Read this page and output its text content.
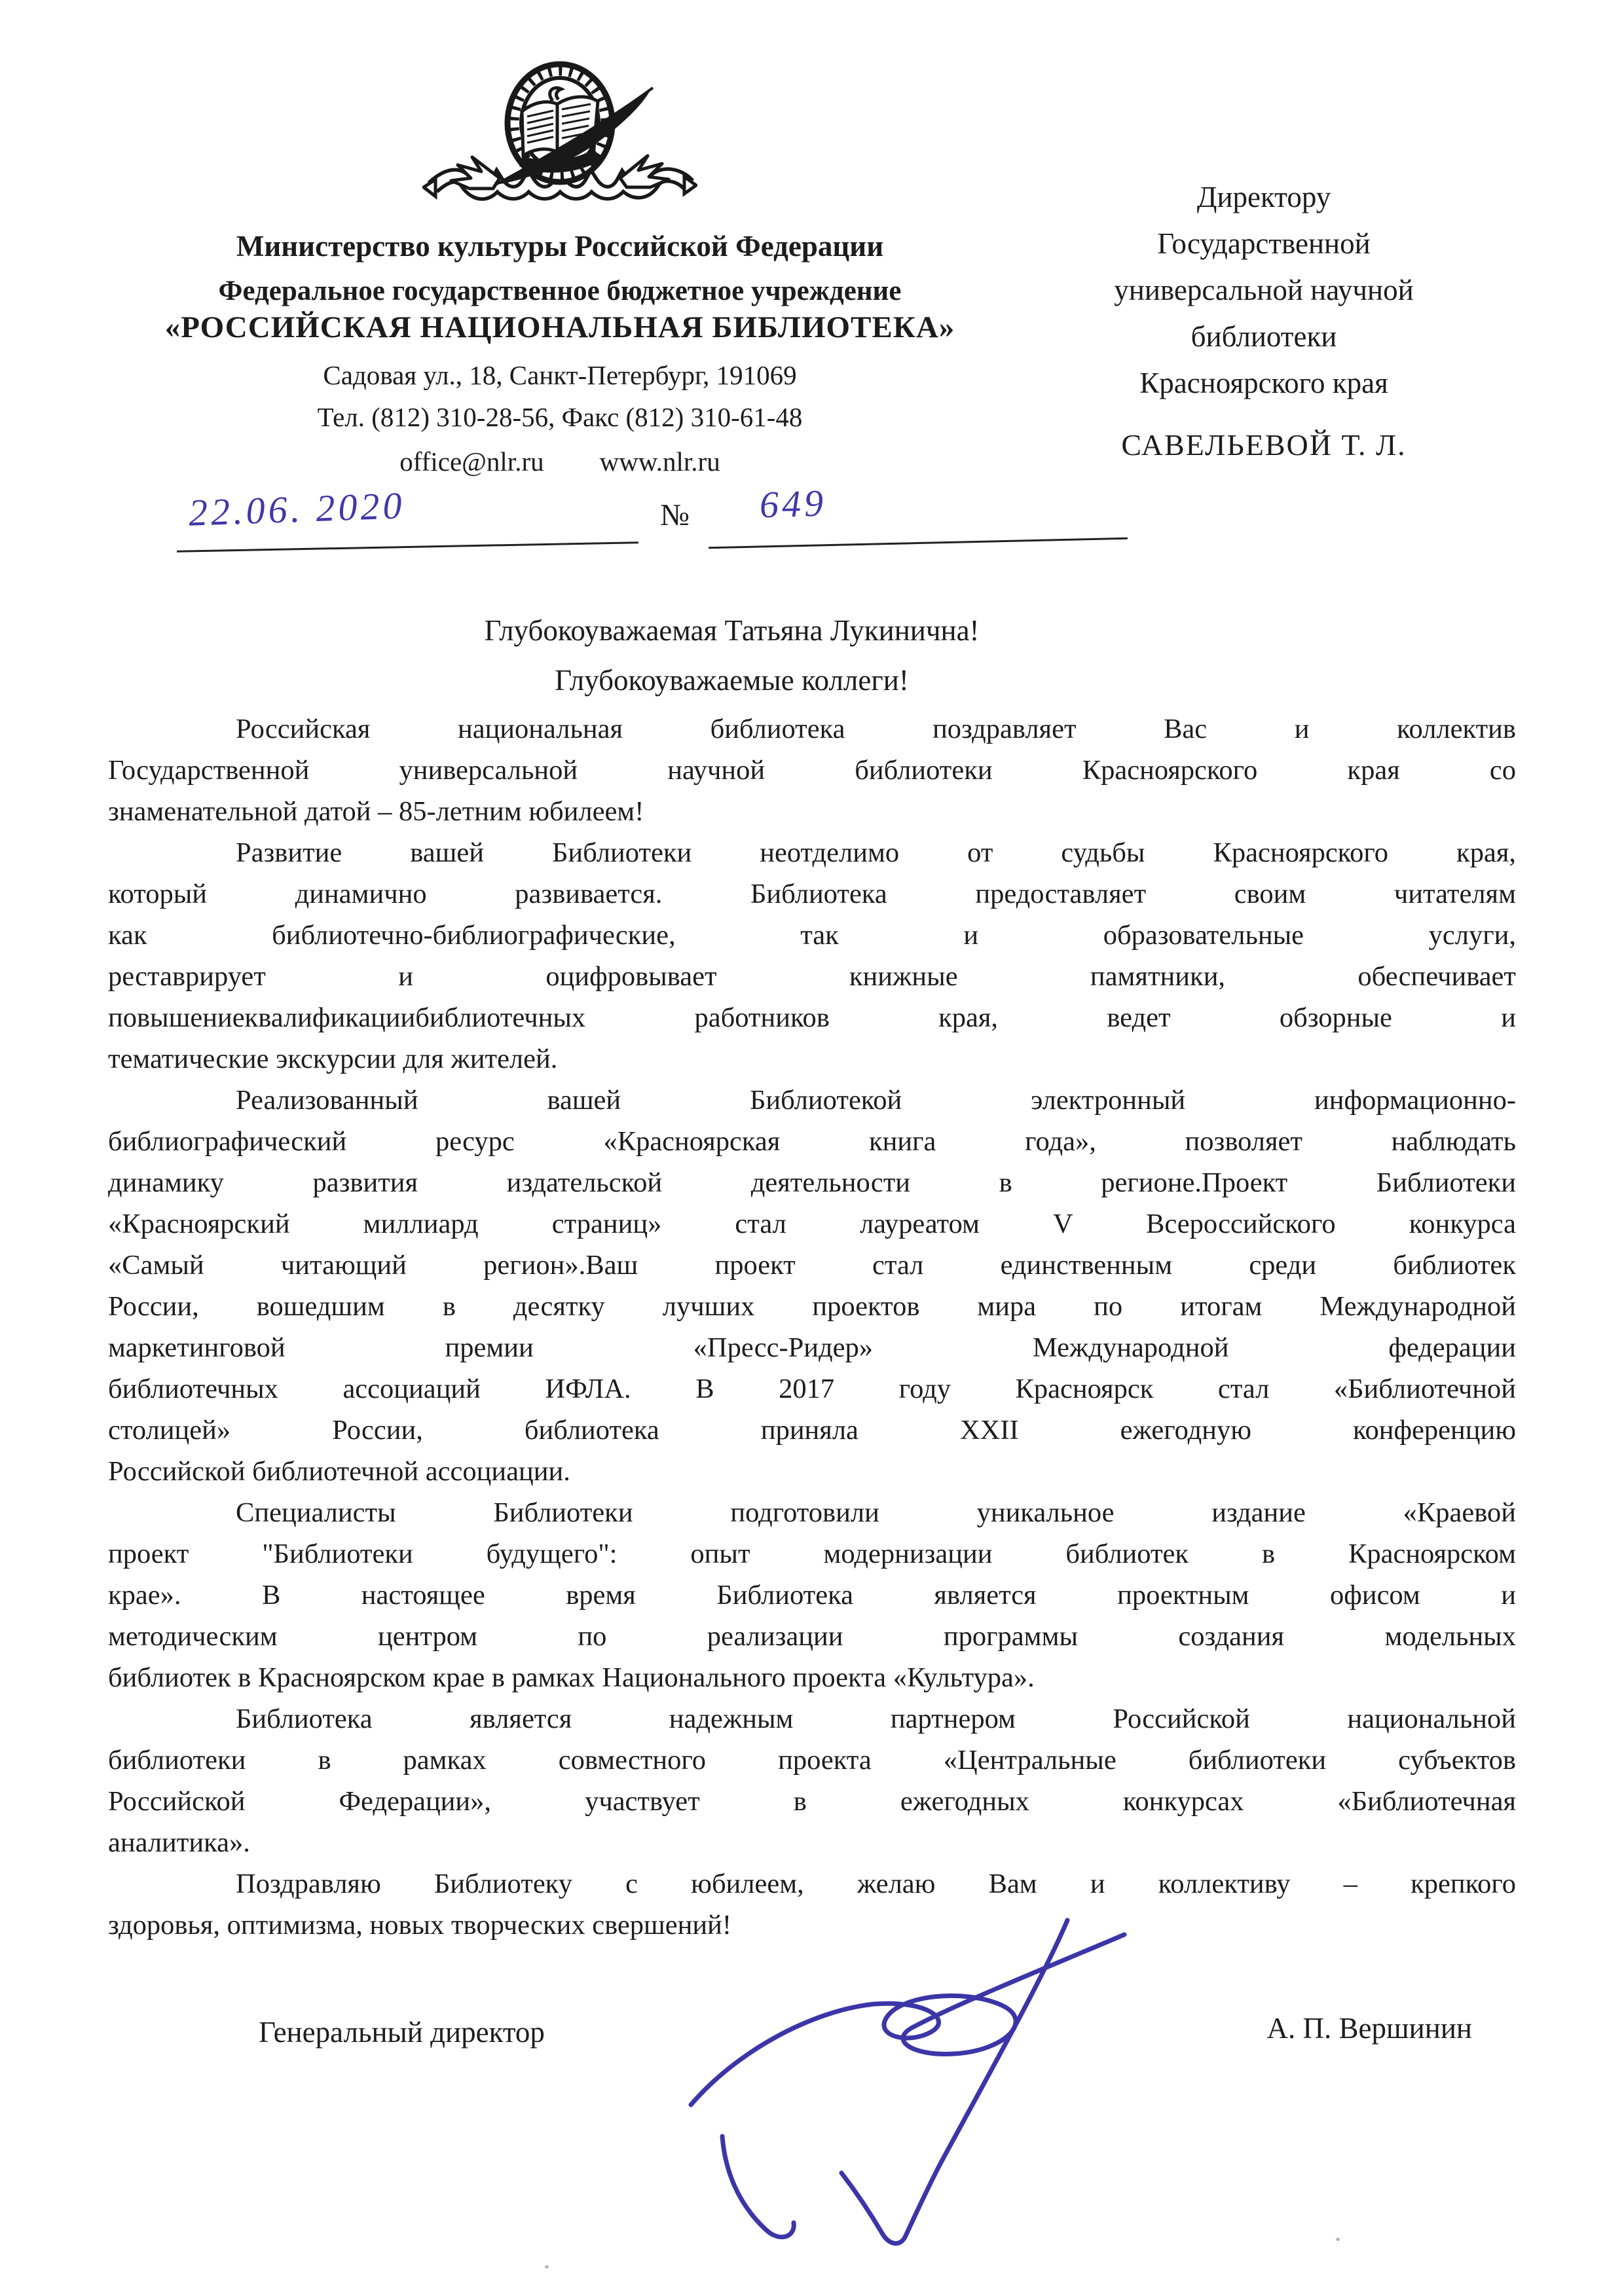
Министерство культуры Российской Федерации
Федеральное государственное бюджетное учреждение
«РОССИЙСКАЯ НАЦИОНАЛЬНАЯ БИБЛИОТЕКА»
Садовая ул., 18, Санкт-Петербург, 191069
Тел. (812) 310-28-56, Факс (812) 310-61-48
office@nlr.ru www.nlr.ru
22.06. 2020	№ 649
Директору
Государственной
универсальной научной
библиотеки
Красноярского края
САВЕЛЬЕВОЙ Т. Л.
Глубокоуважаемая Татьяна Лукинична!
Глубокоуважаемые коллеги!

Российская национальная библиотека поздравляет Вас и коллектив
Государственной универсальной научной библиотеки Красноярского края со
знаменательной датой – 85-летним юбилеем!

Развитие вашей Библиотеки неотделимо от судьбы Красноярского края,
который динамично развивается. Библиотека предоставляет своим читателям
как библиотечно-библиографические, так и образовательные услуги,
реставрирует и оцифровывает книжные памятники, обеспечивает
повышениеквалификациибиблиотечных работников края, ведет обзорные и
тематические экскурсии для жителей.

Реализованный вашей Библиотекой электронный информационно-
библиографический ресурс «Красноярская книга года», позволяет наблюдать
динамику развития издательской деятельности в регионе.Проект Библиотеки
«Красноярский миллиард страниц» стал лауреатом V Всероссийского конкурса
«Самый читающий регион».Ваш проект стал единственным среди библиотек
России, вошедшим в десятку лучших проектов мира по итогам Международной
маркетинговой премии «Пресс-Ридер» Международной федерации
библиотечных ассоциаций ИФЛА. В 2017 году Красноярск стал «Библиотечной
столицей» России, библиотека приняла XXII ежегодную конференцию
Российской библиотечной ассоциации.

Специалисты Библиотеки подготовили уникальное издание «Краевой
проект "Библиотеки будущего": опыт модернизации библиотек в Красноярском
крае». В настоящее время Библиотека является проектным офисом и
методическим центром по реализации программы создания модельных
библиотек в Красноярском крае в рамках Национального проекта «Культура».

Библиотека является надежным партнером Российской национальной
библиотеки в рамках совместного проекта «Центральные библиотеки субъектов
Российской Федерации», участвует в ежегодных конкурсах «Библиотечная
аналитика».

Поздравляю Библиотеку с юбилеем, желаю Вам и коллективу – крепкого
здоровья, оптимизма, новых творческих свершений!

Генеральный директор	А. П. Вершинин
